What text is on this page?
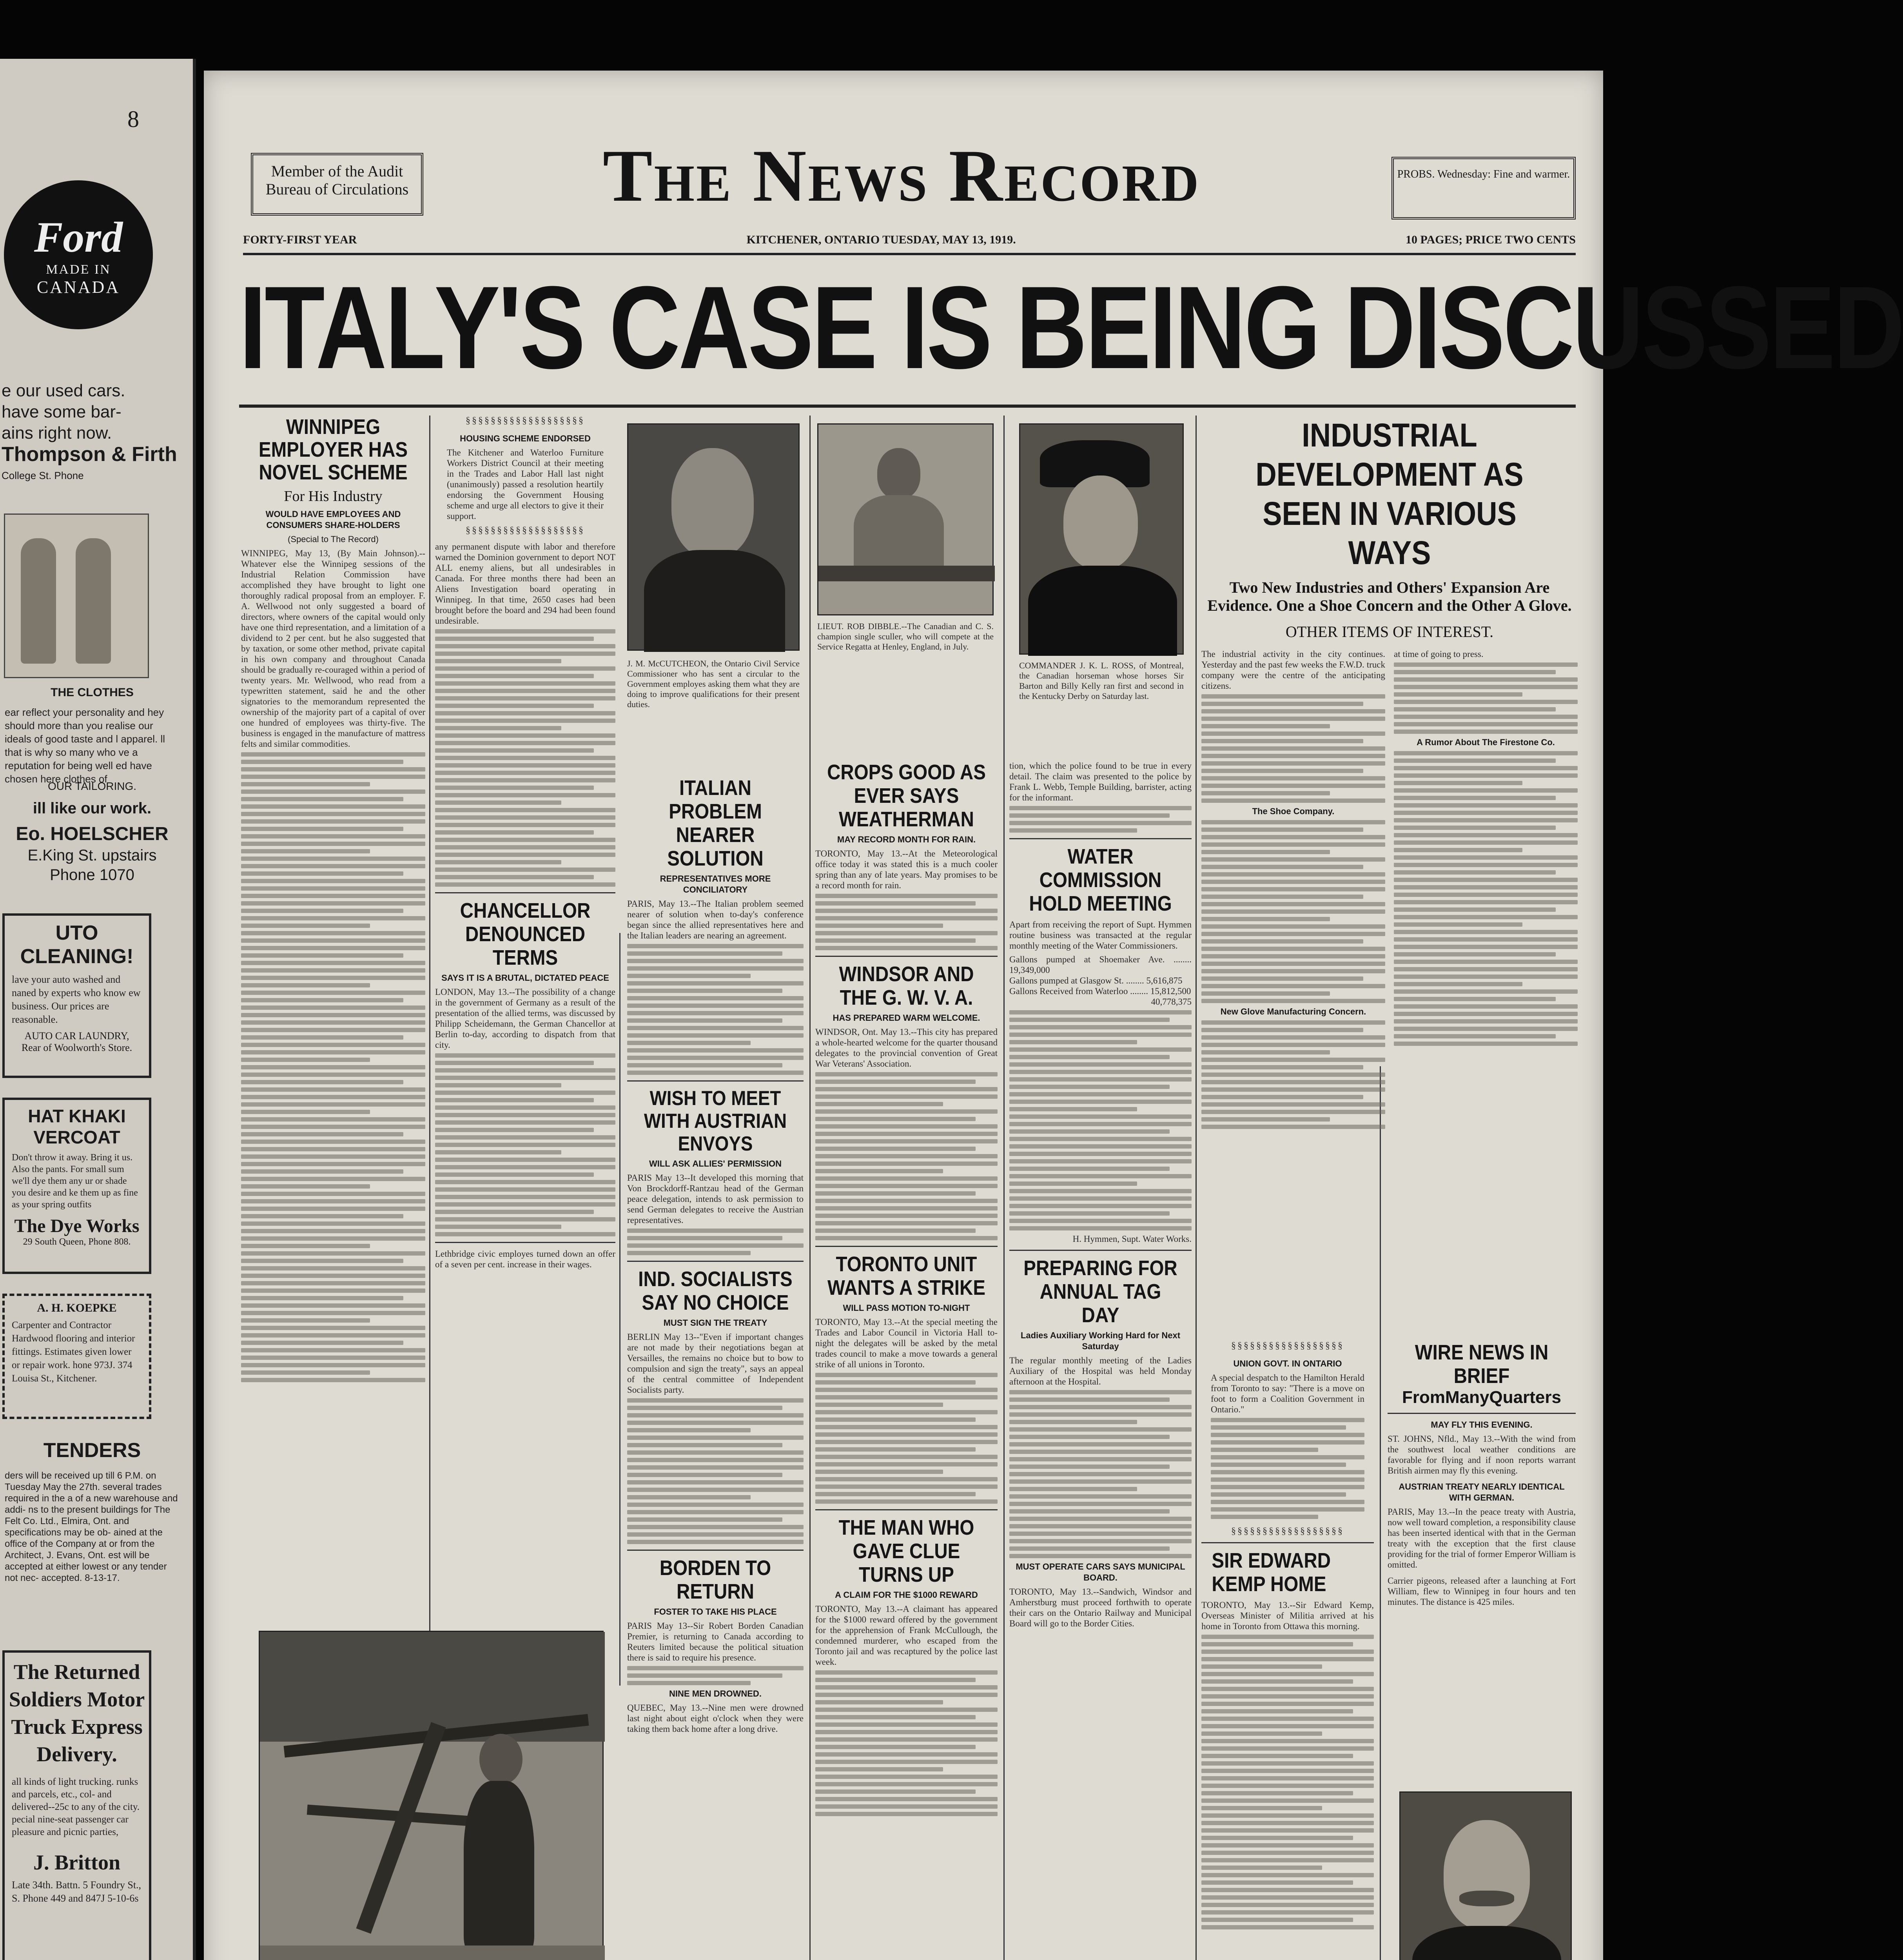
8
MADE IN
Ford
CANADA
e our used cars.
have some bar-
ains right now.
Thompson & Firth
College St. Phone
THE CLOTHES
ear reflect your personality and hey should more than you realise our ideals of good taste and l apparel. ll that is why so many who ve a reputation for being well ed have chosen here clothes of
OUR TAILORING.
ill like our work.
Eo. HOELSCHER
E.King St. upstairs
Phone 1070
UTO CLEANING!
lave your auto washed and naned by experts who know ew business. Our prices are reasonable.
AUTO CAR LAUNDRY,
Rear of Woolworth's Store.
HAT KHAKI VERCOAT
Don't throw it away. Bring it us. Also the pants. For small sum we'll dye them any ur or shade you desire and ke them up as fine as your spring outfits
The Dye Works
29 South Queen, Phone 808.
A. H. KOEPKE
Carpenter and Contractor Hardwood flooring and interior fittings. Estimates given lower or repair work. hone 973J. 374 Louisa St., Kitchener.
TENDERS
ders will be received up till 6 P.M. on Tuesday May the 27th. several trades required in the a of a new warehouse and addi- ns to the present buildings for The Felt Co. Ltd., Elmira, Ont. and specifications may be ob- ained at the office of the Company at or from the Architect, J. Evans, Ont. est will be accepted at either lowest or any tender not nec- accepted. 8-13-17.
The Returned Soldiers Motor Truck Express Delivery.
all kinds of light trucking. runks and parcels, etc., col- and delivered--25c to any of the city. pecial nine-seat passenger car pleasure and picnic parties,
J. Britton
Late 34th. Battn. 5 Foundry St., S. Phone 449 and 847J 5-10-6s
Member of the Audit Bureau of Circulations	The News Record	PROBS. Wednesday: Fine and warmer.
FORTY-FIRST YEAR	KITCHENER, ONTARIO TUESDAY, MAY 13, 1919.	10 PAGES; PRICE TWO CENTS
ITALY'S CASE IS BEING DISCUSSED
WINNIPEG EMPLOYER HAS NOVEL SCHEME
For His Industry
WOULD HAVE EMPLOYEES AND CONSUMERS SHARE-HOLDERS
(Special to The Record)
WINNIPEG, May 13, (By Main Johnson).--Whatever else the Winnipeg sessions of the Industrial Relation Commission have accomplished they have brought to light one thoroughly radical proposal from an employer. F. A. Wellwood not only suggested a board of directors, where owners of the capital would only have one third representation, and a limitation of a dividend to 2 per cent. but he also suggested that by taxation, or some other method, private capital in his own company and throughout Canada should be gradually re-couraged within a period of twenty years. Mr. Wellwood, who read from a typewritten statement, said he and the other signatories to the memorandum represented the ownership of the majority part of a capital of over one hundred of employees was thirty-five. The business is engaged in the manufacture of mattress felts and similar commodities.
§§§§§§§§§§§§§§§§§§§
HOUSING SCHEME ENDORSED
The Kitchener and Waterloo Furniture Workers District Council at their meeting in the Trades and Labor Hall last night (unanimously) passed a resolution heartily endorsing the Government Housing scheme and urge all electors to give it their support.
§§§§§§§§§§§§§§§§§§§
any permanent dispute with labor and therefore warned the Dominion government to deport NOT ALL enemy aliens, but all undesirables in Canada. For three months there had been an Aliens Investigation board operating in Winnipeg. In that time, 2650 cases had been brought before the board and 294 had been found undesirable.
CHANCELLOR DENOUNCED TERMS
SAYS IT IS A BRUTAL, DICTATED PEACE
LONDON, May 13.--The possibility of a change in the government of Germany as a result of the presentation of the allied terms, was discussed by Philipp Scheidemann, the German Chancellor at Berlin to-day, according to dispatch from that city.
Lethbridge civic employes turned down an offer of a seven per cent. increase in their wages.
J. M. McCUTCHEON, the Ontario Civil Service Commissioner who has sent a circular to the Government employes asking them what they are doing to improve qualifications for their present duties.
LIEUT. ROB DIBBLE.--The Canadian and C. S. champion single sculler, who will compete at the Service Regatta at Henley, England, in July.
COMMANDER J. K. L. ROSS, of Montreal, the Canadian horseman whose horses Sir Barton and Billy Kelly ran first and second in the Kentucky Derby on Saturday last.
ITALIAN PROBLEM NEARER SOLUTION
REPRESENTATIVES MORE CONCILIATORY
PARIS, May 13.--The Italian problem seemed nearer of solution when to-day's conference began since the allied representatives here and the Italian leaders are nearing an agreement.
WISH TO MEET WITH AUSTRIAN ENVOYS
WILL ASK ALLIES' PERMISSION
PARIS May 13--It developed this morning that Von Brockdorff-Rantzau head of the German peace delegation, intends to ask permission to send German delegates to receive the Austrian representatives.
IND. SOCIALISTS SAY NO CHOICE
MUST SIGN THE TREATY
BERLIN May 13--"Even if important changes are not made by their negotiations began at Versailles, the remains no choice but to bow to compulsion and sign the treaty", says an appeal of the central committee of Independent Socialists party.
BORDEN TO RETURN
FOSTER TO TAKE HIS PLACE
PARIS May 13--Sir Robert Borden Canadian Premier, is returning to Canada according to Reuters limited because the political situation there is said to require his presence.
NINE MEN DROWNED.
QUEBEC, May 13.--Nine men were drowned last night about eight o'clock when they were taking them back home after a long drive.
CROPS GOOD AS EVER SAYS WEATHERMAN
MAY RECORD MONTH FOR RAIN.
TORONTO, May 13.--At the Meteorological office today it was stated this is a much cooler spring than any of late years. May promises to be a record month for rain.
WINDSOR AND THE G. W. V. A.
HAS PREPARED WARM WELCOME.
WINDSOR, Ont. May 13.--This city has prepared a whole-hearted welcome for the quarter thousand delegates to the provincial convention of Great War Veterans' Association.
TORONTO UNIT WANTS A STRIKE
WILL PASS MOTION TO-NIGHT
TORONTO, May 13.--At the special meeting the Trades and Labor Council in Victoria Hall to-night the delegates will be asked by the metal trades council to make a move towards a general strike of all unions in Toronto.
THE MAN WHO GAVE CLUE TURNS UP
A CLAIM FOR THE $1000 REWARD
TORONTO, May 13.--A claimant has appeared for the $1000 reward offered by the government for the apprehension of Frank McCullough, the condemned murderer, who escaped from the Toronto jail and was recaptured by the police last week.
tion, which the police found to be true in every detail. The claim was presented to the police by Frank L. Webb, Temple Building, barrister, acting for the informant.
WATER COMMISSION HOLD MEETING
Apart from receiving the report of Supt. Hymmen routine business was transacted at the regular monthly meeting of the Water Commissioners.
Gallons pumped at Shoemaker Ave. ........ 19,349,000
Gallons pumped at Glasgow St. ........ 5,616,875
Gallons Received from Waterloo ........ 15,812,500
40,778,375
H. Hymmen, Supt. Water Works.
PREPARING FOR ANNUAL TAG DAY
Ladies Auxiliary Working Hard for Next Saturday
The regular monthly meeting of the Ladies Auxiliary of the Hospital was held Monday afternoon at the Hospital.
MUST OPERATE CARS SAYS MUNICIPAL BOARD.
TORONTO, May 13.--Sandwich, Windsor and Amherstburg must proceed forthwith to operate their cars on the Ontario Railway and Municipal Board will go to the Border Cities.
INDUSTRIAL DEVELOPMENT AS SEEN IN VARIOUS WAYS
Two New Industries and Others' Expansion Are Evidence. One a Shoe Concern and the Other A Glove.
OTHER ITEMS OF INTEREST.
The industrial activity in the city continues. Yesterday and the past few weeks the F.W.D. truck company were the centre of the anticipating citizens.
The Shoe Company.
New Glove Manufacturing Concern.
at time of going to press.
A Rumor About The Firestone Co.
§§§§§§§§§§§§§§§§§§
UNION GOVT. IN ONTARIO
A special despatch to the Hamilton Herald from Toronto to say: "There is a move on foot to form a Coalition Government in Ontario."
§§§§§§§§§§§§§§§§§§
SIR EDWARD KEMP HOME
TORONTO, May 13.--Sir Edward Kemp, Overseas Minister of Militia arrived at his home in Toronto from Ottawa this morning.
WIRE NEWS IN BRIEF
FromManyQuarters
MAY FLY THIS EVENING.
ST. JOHNS, Nfld., May 13.--With the wind from the southwest local weather conditions are favorable for flying and if noon reports warrant British airmen may fly this evening.
AUSTRIAN TREATY NEARLY IDENTICAL WITH GERMAN.
PARIS, May 13.--In the peace treaty with Austria, now well toward completion, a responsibility clause has been inserted identical with that in the German treaty with the exception that the first clause providing for the trial of former Emperor William is omitted.
Carrier pigeons, released after a launching at Fort William, flew to Winnipeg in four hours and ten minutes. The distance is 425 miles.
